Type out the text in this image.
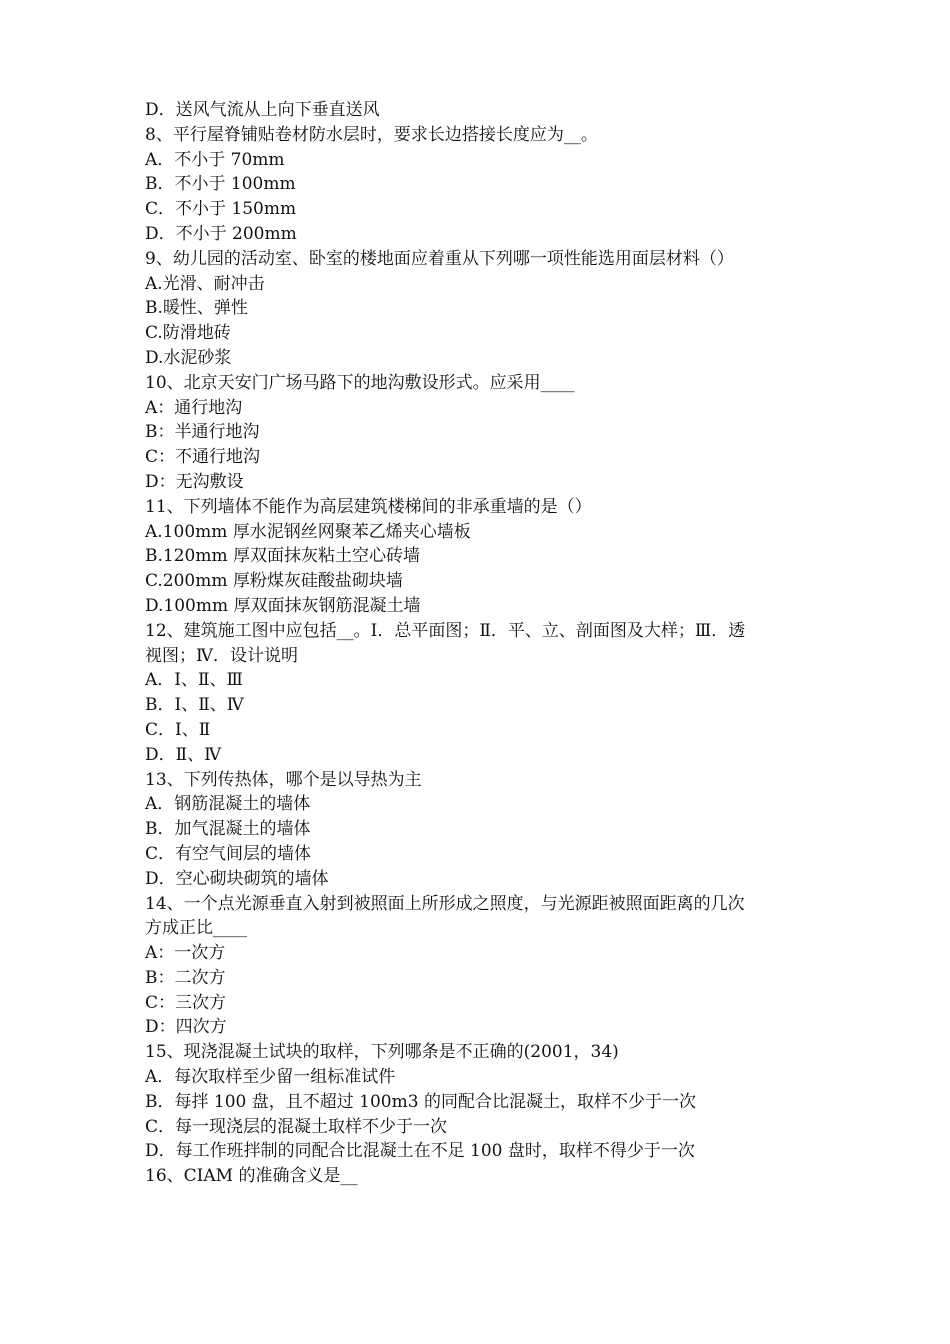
D．送风气流从上向下垂直送风
8、平行屋脊铺贴卷材防水层时，要求长边搭接长度应为__。
A．不小于 70mm
B．不小于 100mm
C．不小于 150mm
D．不小于 200mm
9、幼儿园的活动室、卧室的楼地面应着重从下列哪一项性能选用面层材料（）
A.光滑、耐冲击
B.暖性、弹性
C.防滑地砖
D.水泥砂浆
10、北京天安门广场马路下的地沟敷设形式。应采用____
A：通行地沟
B：半通行地沟
C：不通行地沟
D：无沟敷设
11、下列墙体不能作为高层建筑楼梯间的非承重墙的是（）
A.100mm 厚水泥钢丝网聚苯乙烯夹心墙板
B.120mm 厚双面抹灰粘土空心砖墙
C.200mm 厚粉煤灰硅酸盐砌块墙
D.100mm 厚双面抹灰钢筋混凝土墙
12、建筑施工图中应包括__。Ⅰ．总平面图；Ⅱ．平、立、剖面图及大样；Ⅲ．透
视图；Ⅳ．设计说明
A．Ⅰ、Ⅱ、Ⅲ
B．Ⅰ、Ⅱ、Ⅳ
C．Ⅰ、Ⅱ
D．Ⅱ、Ⅳ
13、下列传热体，哪个是以导热为主
A．钢筋混凝土的墙体
B．加气混凝土的墙体
C．有空气间层的墙体
D．空心砌块砌筑的墙体
14、一个点光源垂直入射到被照面上所形成之照度，与光源距被照面距离的几次
方成正比____
A：一次方
B：二次方
C：三次方
D：四次方
15、现浇混凝土试块的取样，下列哪条是不正确的(2001，34)
A．每次取样至少留一组标准试件
B．每拌 100 盘，且不超过 100m3 的同配合比混凝土，取样不少于一次
C．每一现浇层的混凝土取样不少于一次
D．每工作班拌制的同配合比混凝土在不足 100 盘时，取样不得少于一次
16、CIAM 的准确含义是__
